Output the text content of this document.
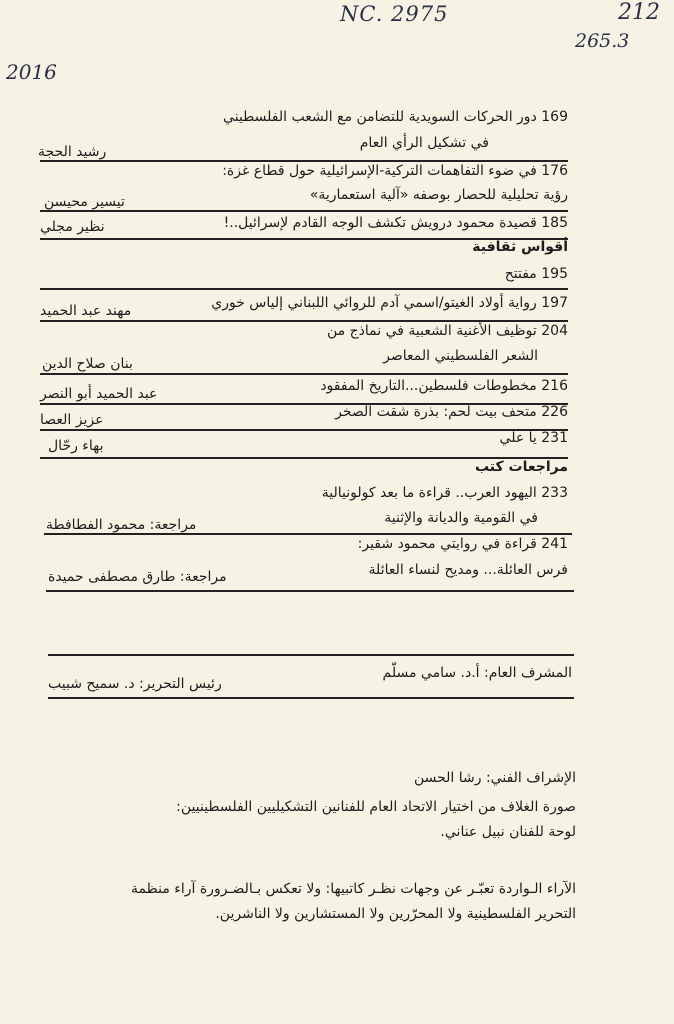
NC. 2975	212
265.3
2016
169 دور الحركات السويدية للتضامن مع الشعب الفلسطيني
في تشكيل الرأي العام
رشيد الحجة
176 في ضوء التفاهمات التركية-الإسرائيلية حول قطاع غزة:
رؤية تحليلية للحصار بوصفه «آلية استعمارية»
تيسير محيسن
185 قصيدة محمود درويش تكشف الوجه القادم لإسرائيل..!
نظير مجلي
أقواس ثقافية
195 مفتتح
197 رواية أولاد الغيتو/اسمي آدم للروائي اللبناني إلياس خوري
مهند عبد الحميد
204 توظيف الأغنية الشعبية في نماذج من
الشعر الفلسطيني المعاصر
بنان صلاح الدين
216 مخطوطات فلسطين...التاريخ المفقود
عبد الحميد أبو النصر
226 متحف بيت لحم: بذرة شقت الصخر
عزيز العصا
231 يا علي
بهاء رحّال
مراجعات كتب
233 اليهود العرب.. قراءة ما بعد كولونيالية
في القومية والديانة والإثنية
مراجعة: محمود الفطافطة
241 قراءة في روايتي محمود شقير:
فرس العائلة... ومديح لنساء العائلة
مراجعة: طارق مصطفى حميدة
المشرف العام: أ.د. سامي مسلّم
رئيس التحرير: د. سميح شبيب
الإشراف الفني: رشا الحسن
صورة الغلاف من اختيار الاتحاد العام للفنانين التشكيليين الفلسطينيين:
لوحة للفنان نبيل عناني.
الآراء الـواردة تعبّـر عن وجهات نظـر كاتبيها: ولا تعكس بـالضـرورة آراء منظمة
التحرير الفلسطينية ولا المحرّرين ولا المستشارين ولا الناشرين.
